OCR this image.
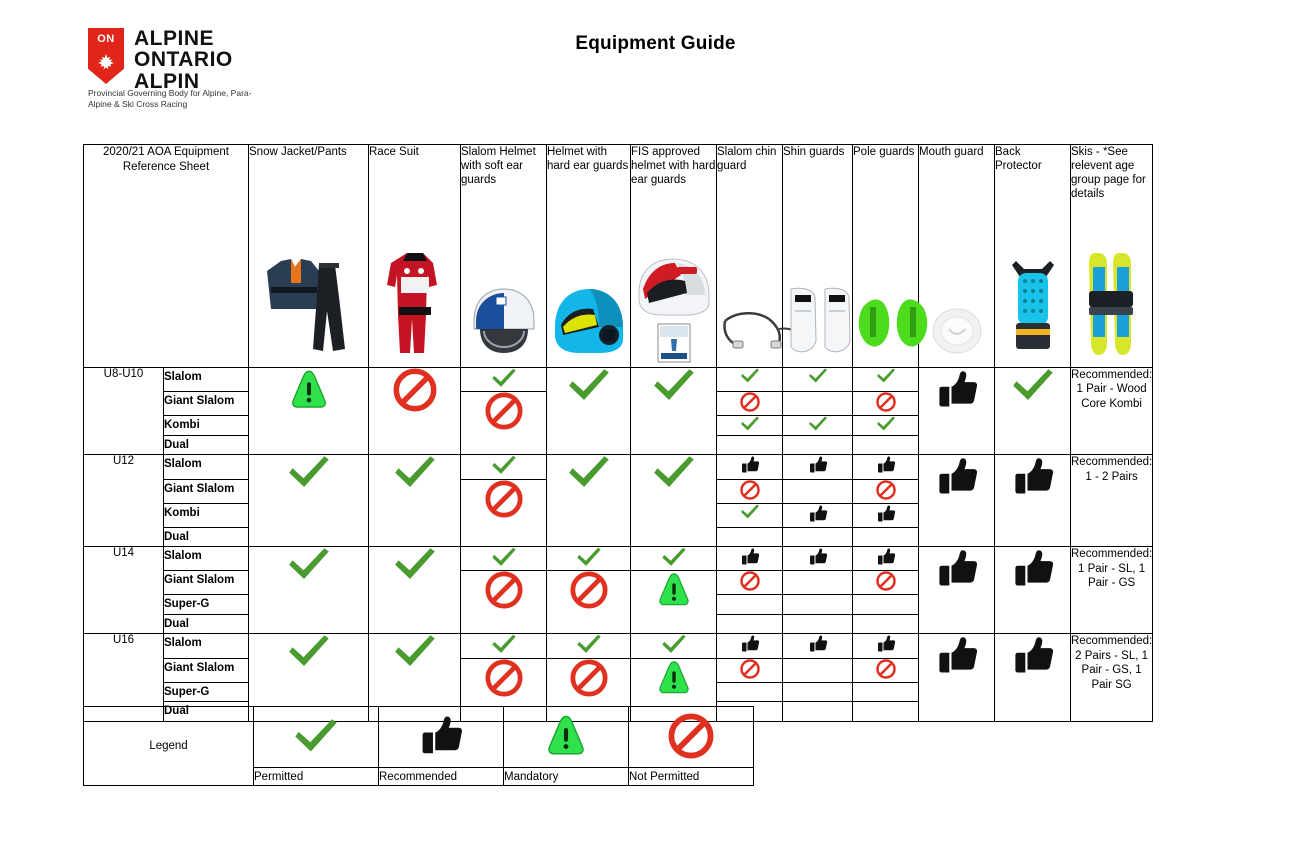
ON ALPINE
ONTARIO
ALPIN
Provincial Governing Body for Alpine, Para-Alpine & Ski Cross Racing
Equipment Guide
2020/21 AOA Equipment Reference Sheet		Snow Jacket/Pants	Race Suit	Slalom Helmet with soft ear guards	Helmet with hard ear guards	FIS approved helmet with hard ear guards	Slalom chin guard	Shin guards	Pole guards	Mouth guard	Back Protector	Skis - *See relevent age group page for details

U8-U10	Slalom											Recommended: 1 Pair - Wood Core Kombi
	Giant Slalom				
	Kombi			
	Dual											
U12	Slalom											Recommended: 1 - 2 Pairs
	Giant Slalom				
	Kombi			
	Dual											
U14	Slalom											Recommended: 1 Pair - SL, 1 Pair - GS
	Giant Slalom						
	Super-G											
	Dual											
U16	Slalom											Recommended: 2 Pairs - SL, 1 Pair - GS, 1 Pair SG
	Giant Slalom						
	Super-G											
	Dual											
Legend				
	Permitted	Recommended	Mandatory	Not Permitted
